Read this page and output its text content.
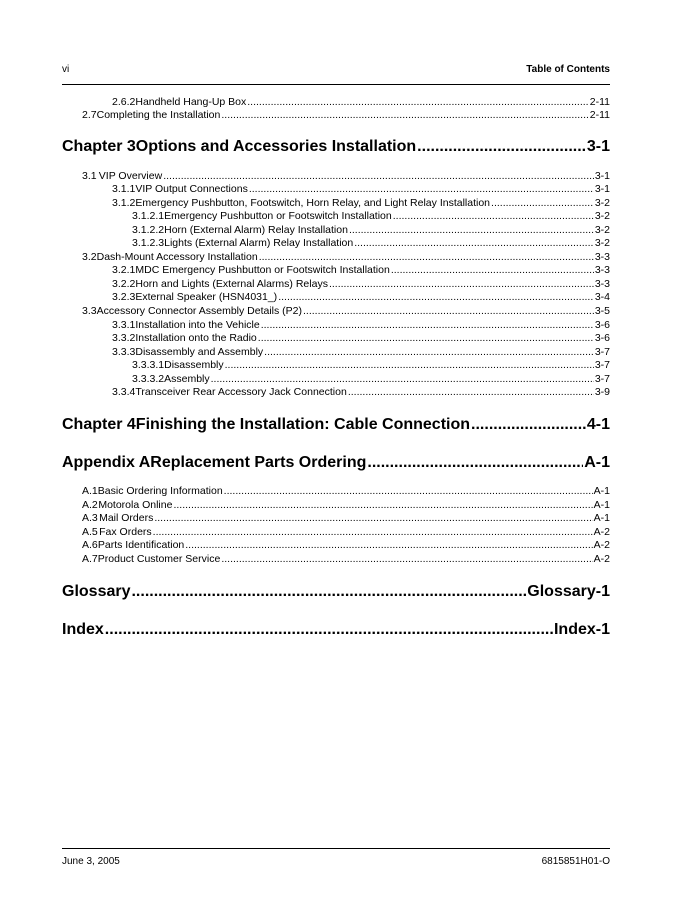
vi	Table of Contents
2.6.2 Handheld Hang-Up Box .....	2-11
2.7 Completing the Installation .....	2-11
Chapter 3 Options and Accessories Installation .....	3-1
3.1 VIP Overview .....	3-1
3.1.1 VIP Output Connections .....	3-1
3.1.2 Emergency Pushbutton, Footswitch, Horn Relay, and Light Relay Installation .....	3-2
3.1.2.1 Emergency Pushbutton or Footswitch Installation .....	3-2
3.1.2.2 Horn (External Alarm) Relay Installation .....	3-2
3.1.2.3 Lights (External Alarm) Relay Installation .....	3-2
3.2 Dash-Mount Accessory Installation .....	3-3
3.2.1 MDC Emergency Pushbutton or Footswitch Installation .....	3-3
3.2.2 Horn and Lights (External Alarms) Relays .....	3-3
3.2.3 External Speaker (HSN4031_) .....	3-4
3.3 Accessory Connector Assembly Details (P2) .....	3-5
3.3.1 Installation into the Vehicle .....	3-6
3.3.2 Installation onto the Radio .....	3-6
3.3.3 Disassembly and Assembly .....	3-7
3.3.3.1 Disassembly .....	3-7
3.3.3.2 Assembly .....	3-7
3.3.4 Transceiver Rear Accessory Jack Connection .....	3-9
Chapter 4 Finishing the Installation: Cable Connection .....	4-1
Appendix A Replacement Parts Ordering .....	A-1
A.1 Basic Ordering Information .....	A-1
A.2 Motorola Online .....	A-1
A.3 Mail Orders .....	A-1
A.5 Fax Orders .....	A-2
A.6 Parts Identification .....	A-2
A.7 Product Customer Service .....	A-2
Glossary .....	Glossary-1
Index .....	Index-1
June 3, 2005	6815851H01-O
